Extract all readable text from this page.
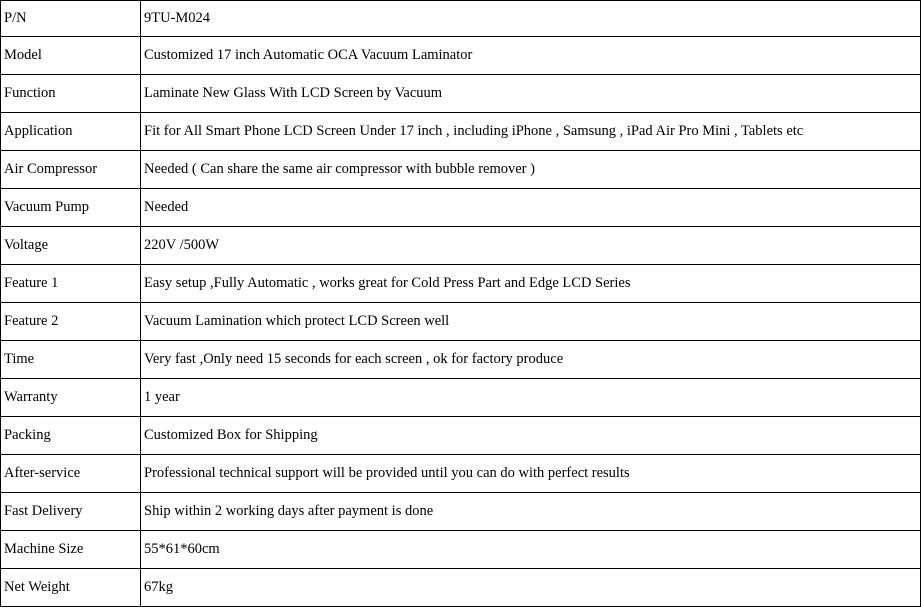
P/N	9TU-M024
Model	Customized 17 inch Automatic OCA Vacuum Laminator
Function	Laminate New Glass With LCD Screen by Vacuum
Application	Fit for All Smart Phone LCD Screen Under 17 inch , including iPhone , Samsung , iPad Air Pro Mini , Tablets etc
Air Compressor	Needed ( Can share the same air compressor with bubble remover )
Vacuum Pump	Needed
Voltage	220V /500W
Feature 1	Easy setup ,Fully Automatic , works great for Cold Press Part and Edge LCD Series
Feature 2	Vacuum Lamination which protect LCD Screen well
Time	Very fast ,Only need 15 seconds for each screen , ok for factory produce
Warranty	1 year
Packing	Customized Box for Shipping
After-service	Professional technical support will be provided until you can do with perfect results
Fast Delivery	Ship within 2 working days after payment is done
Machine Size	55*61*60cm
Net Weight	67kg
